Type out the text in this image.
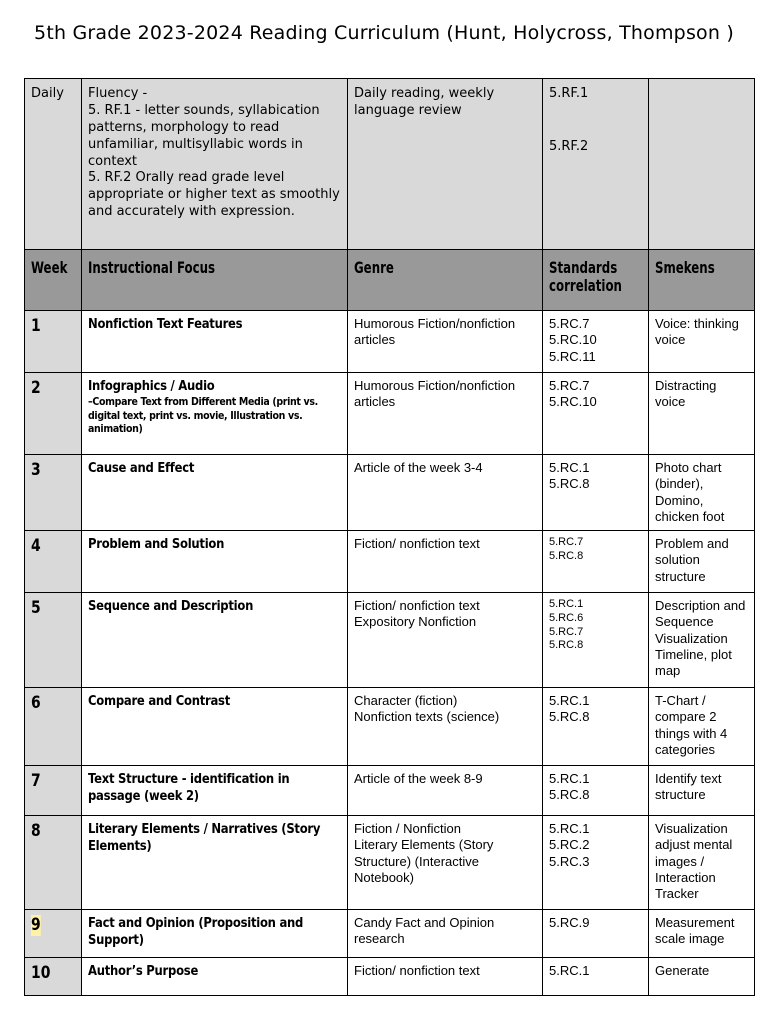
5th Grade 2023-2024 Reading Curriculum (Hunt, Holycross, Thompson )
Daily	Fluency -
5. RF.1 - letter sounds, syllabication patterns, morphology to read unfamiliar, multisyllabic words in context
5. RF.2 Orally read grade level appropriate or higher text as smoothly and accurately with expression.	Daily reading, weekly language review	5.RF.1
5.RF.2	

Week	Instructional Focus	Genre	Standards correlation	Smekens
1	Nonfiction Text Features	Humorous Fiction/nonfiction articles	5.RC.7
5.RC.10
5.RC.11	Voice: thinking voice
2	Infographics / Audio
–Compare Text from Different Media (print vs. digital text, print vs. movie, Illustration vs. animation)	Humorous Fiction/nonfiction articles	5.RC.7
5.RC.10	Distracting voice
3	Cause and Effect	Article of the week 3-4	5.RC.1
5.RC.8	Photo chart (binder), Domino, chicken foot
4	Problem and Solution	Fiction/ nonfiction text	5.RC.7
5.RC.8	Problem and solution structure
5	Sequence and Description	Fiction/ nonfiction text
Expository Nonfiction	5.RC.1
5.RC.6
5.RC.7
5.RC.8	Description and Sequence Visualization Timeline, plot map
6	Compare and Contrast	Character (fiction)
Nonfiction texts (science)	5.RC.1
5.RC.8	T-Chart / compare 2 things with 4 categories
7	Text Structure - identification in passage (week 2)	Article of the week 8-9	5.RC.1
5.RC.8	Identify text structure
8	Literary Elements / Narratives (Story Elements)	Fiction / Nonfiction
Literary Elements (Story Structure) (Interactive Notebook)	5.RC.1
5.RC.2
5.RC.3	Visualization adjust mental images / Interaction Tracker
9	Fact and Opinion (Proposition and Support)	Candy Fact and Opinion research	5.RC.9	Measurement scale image
10	Author’s Purpose	Fiction/ nonfiction text	5.RC.1	Generate
